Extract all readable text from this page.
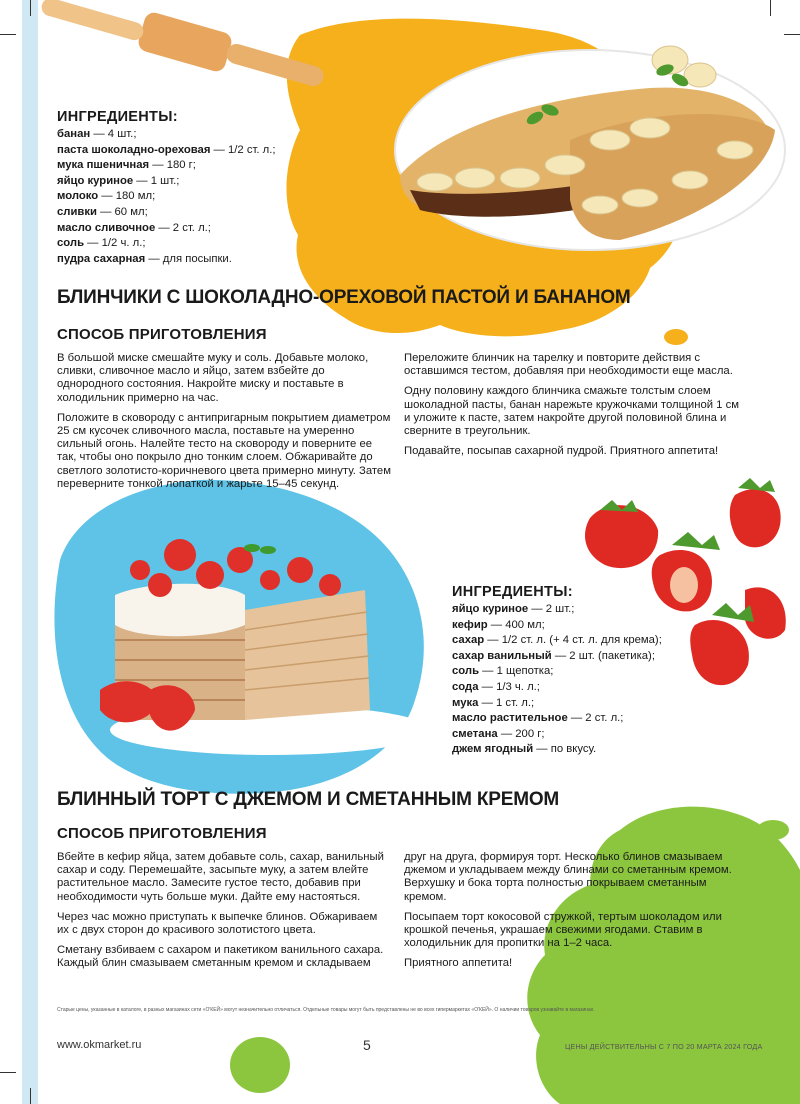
ИНГРЕДИЕНТЫ:
банан — 4 шт.;
паста шоколадно-ореховая — 1/2 ст. л.;
мука пшеничная — 180 г;
яйцо куриное — 1 шт.;
молоко — 180 мл;
сливки — 60 мл;
масло сливочное — 2 ст. л.;
соль — 1/2 ч. л.;
пудра сахарная — для посыпки.
БЛИНЧИКИ С ШОКОЛАДНО-ОРЕХОВОЙ ПАСТОЙ И БАНАНОМ
СПОСОБ ПРИГОТОВЛЕНИЯ

В большой миске смешайте муку и соль. Добавьте молоко, сливки, сливочное масло и яйцо, затем взбейте до однородного состояния. Накройте миску и поставьте в холодильник примерно на час.

Положите в сковороду с антипригарным покрытием диаметром 25 см кусочек сливочного масла, поставьте на умеренно сильный огонь. Налейте тесто на сковороду и поверните ее так, чтобы оно покрыло дно тонким слоем. Обжаривайте до светлого золотисто-коричневого цвета примерно минуту. Затем переверните тонкой лопаткой и жарьте 15–45 секунд.

Переложите блинчик на тарелку и повторите действия с оставшимся тестом, добавляя при необходимости еще масла.

Одну половину каждого блинчика смажьте толстым слоем шоколадной пасты, банан нарежьте кружочками толщиной 1 см и уложите к пасте, затем накройте другой половиной блина и сверните в треугольник.

Подавайте, посыпав сахарной пудрой. Приятного аппетита!

ИНГРЕДИЕНТЫ:
яйцо куриное — 2 шт.;
кефир — 400 мл;
сахар — 1/2 ст. л. (+ 4 ст. л. для крема);
сахар ванильный — 2 шт. (пакетика);
соль — 1 щепотка;
сода — 1/3 ч. л.;
мука — 1 ст. л.;
масло растительное — 2 ст. л.;
сметана — 200 г;
джем ягодный — по вкусу.
БЛИННЫЙ ТОРТ С ДЖЕМОМ И СМЕТАННЫМ КРЕМОМ
СПОСОБ ПРИГОТОВЛЕНИЯ

Вбейте в кефир яйца, затем добавьте соль, сахар, ванильный сахар и соду. Перемешайте, засыпьте муку, а затем влейте растительное масло. Замесите густое тесто, добавив при необходимости чуть больше муки. Дайте ему настояться.

Через час можно приступать к выпечке блинов. Обжариваем их с двух сторон до красивого золотистого цвета.

Сметану взбиваем с сахаром и пакетиком ванильного сахара. Каждый блин смазываем сметанным кремом и складываем

друг на друга, формируя торт. Несколько блинов смазываем джемом и укладываем между блинами со сметанным кремом. Верхушку и бока торта полностью покрываем сметанным кремом.

Посыпаем торт кокосовой стружкой, тертым шоколадом или крошкой печенья, украшаем свежими ягодами. Ставим в холодильник для пропитки на 1–2 часа.

Приятного аппетита!

Старые цены, указанные в каталоге, в разных магазинах сети «О'КЕЙ» могут незначительно отличаться. Отдельные товары могут быть представлены не во всех гипермаркетах «О'КЕЙ». О наличии товаров узнавайте в магазинах.
www.okmarket.ru	5	ЦЕНЫ ДЕЙСТВИТЕЛЬНЫ С 7 ПО 20 МАРТА 2024 ГОДА
